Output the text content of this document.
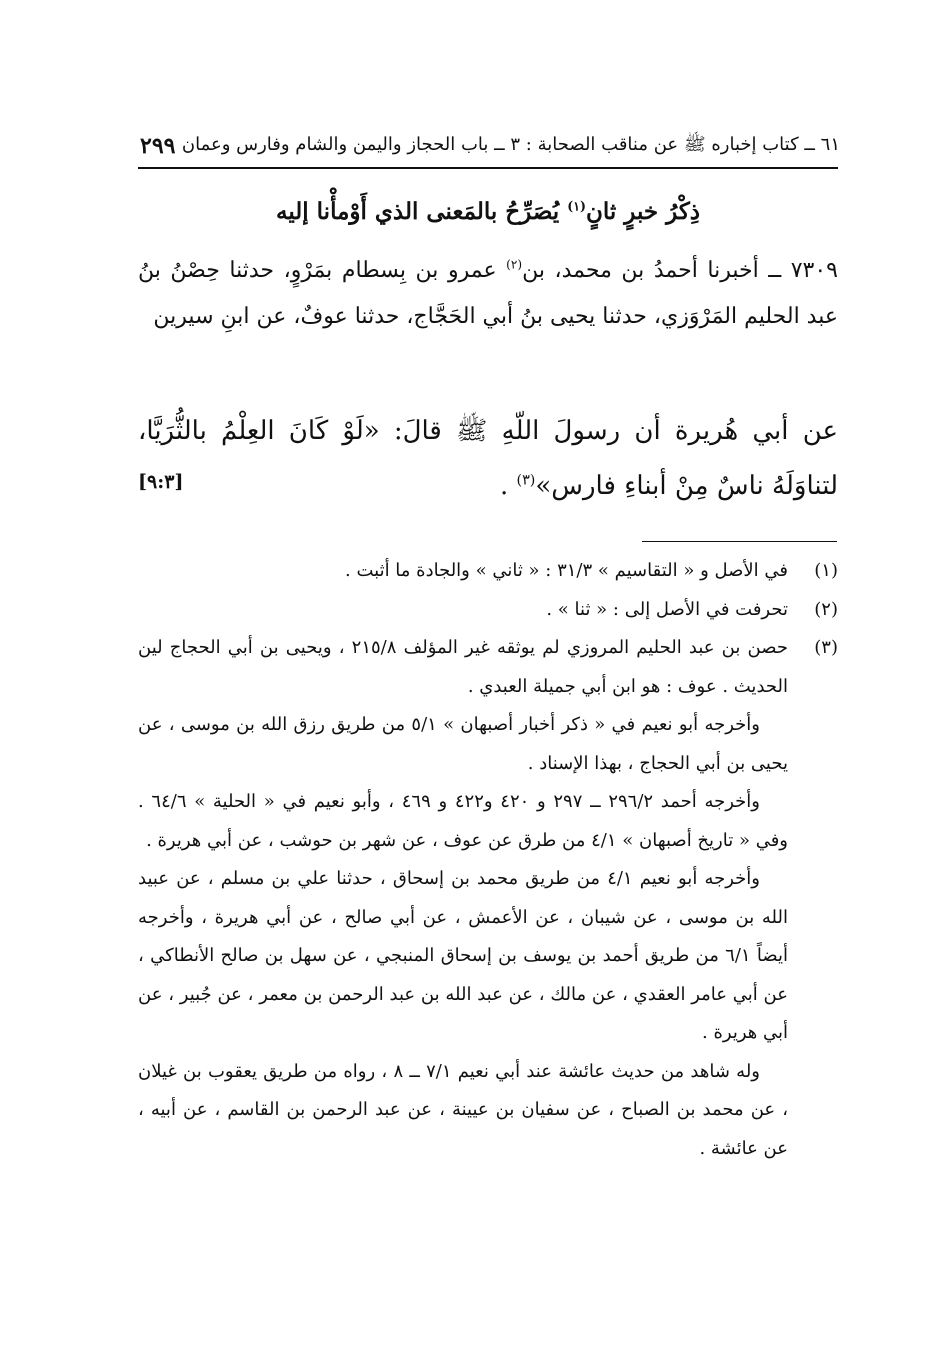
٦١ ــ كتاب إخباره ﷺ عن مناقب الصحابة : ٣ ــ باب الحجاز واليمن والشام وفارس وعمان
٢٩٩
ذِكْرُ خبرٍ ثانٍ$^{(١)}$ يُصَرِّحُ بالمَعنى الذي أَوْمأْنا إليه

٧٣٠٩ ــ أخبرنا أحمدُ بن محمد، بن$^{(٢)}$ عمرو بن بِسطام بمَرْوٍ، حدثنا حِصْنُ بنُ عبد الحليم المَرْوَزي، حدثنا يحيى بنُ أبي الحَجَّاج، حدثنا عوفٌ، عن ابنِ سيرين

عن أبي هُريرة أن رسولَ اللّهِ ﷺ قالَ: «لَوْ كَانَ العِلْمُ بالثُّرَيَّا، لتناوَلَهُ ناسٌ مِنْ أبناءِ فارس»$^{(٣)}$ .
[٩:٣]
(١)

في الأصل و « التقاسيم » ٣١/٣ : « ثاني » والجادة ما أثبت .

(٢)

تحرفت في الأصل إلى : « ثنا » .

(٣)

حصن بن عبد الحليم المروزي لم يوثقه غير المؤلف ٢١٥/٨ ، ويحيى بن أبي الحجاج لين الحديث . عوف : هو ابن أبي جميلة العبدي .

وأخرجه أبو نعيم في « ذكر أخبار أصبهان » ٥/١ من طريق رزق الله بن موسى ، عن يحيى بن أبي الحجاج ، بهذا الإسناد .

وأخرجه أحمد ٢٩٦/٢ ــ ٢٩٧ و ٤٢٠ و٤٢٢ و ٤٦٩ ، وأبو نعيم في « الحلية » ٦٤/٦ . وفي « تاريخ أصبهان » ٤/١ من طرق عن عوف ، عن شهر بن حوشب ، عن أبي هريرة .

وأخرجه أبو نعيم ٤/١ من طريق محمد بن إسحاق ، حدثنا علي بن مسلم ، عن عبيد الله بن موسى ، عن شيبان ، عن الأعمش ، عن أبي صالح ، عن أبي هريرة ، وأخرجه أيضاً ٦/١ من طريق أحمد بن يوسف بن إسحاق المنبجي ، عن سهل بن صالح الأنطاكي ، عن أبي عامر العقدي ، عن مالك ، عن عبد الله بن عبد الرحمن بن معمر ، عن جُبير ، عن أبي هريرة .

وله شاهد من حديث عائشة عند أبي نعيم ٧/١ ــ ٨ ، رواه من طريق يعقوب بن غيلان ، عن محمد بن الصباح ، عن سفيان بن عيينة ، عن عبد الرحمن بن القاسم ، عن أبيه ، عن عائشة .
